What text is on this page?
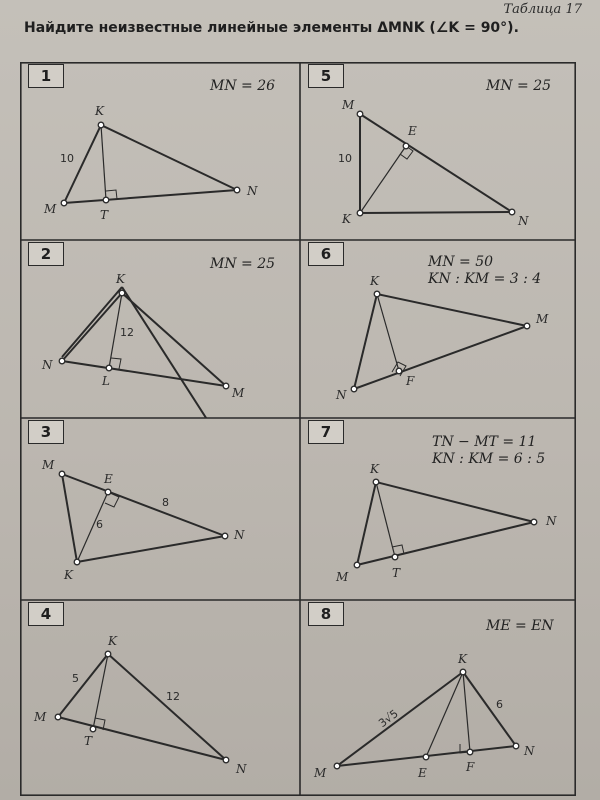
Таблица 17
Найдите неизвестные линейные элементы ΔMNK (∠K = 90°).
1
MN = 26
K
M	T
N
10
5
MN = 25
M
E
K	N
10
2
MN = 25
6	MN = 50
KN : KM = 3 : 4
K
M
N
F
3
M
E
N
K
8
6
7
TN − MT = 11
KN : KM = 6 : 5
K
N
M	T
4
K
M
T
N
5
12
8
ME = EN
K
M	E	F
N
3√5
6
K
N
L
M
12
